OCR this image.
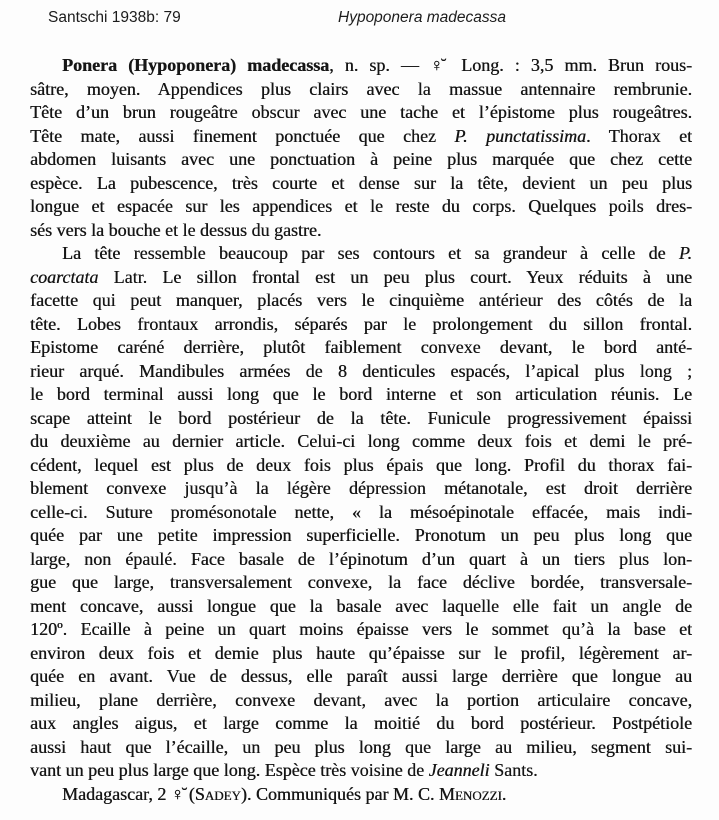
Santschi 1938b: 79	Hypoponera madecassa
Ponera (Hypoponera) madecassa, n. sp. — ♀̆ Long. : 3,5 mm. Brun rous-
sâtre, moyen. Appendices plus clairs avec la massue antennaire rembrunie.
Tête d’un brun rougeâtre obscur avec une tache et l’épistome plus rougeâtres.
Tête mate, aussi finement ponctuée que chez P. punctatissima. Thorax et
abdomen luisants avec une ponctuation à peine plus marquée que chez cette
espèce. La pubescence, très courte et dense sur la tête, devient un peu plus
longue et espacée sur les appendices et le reste du corps. Quelques poils dres-
sés vers la bouche et le dessus du gastre.
La tête ressemble beaucoup par ses contours et sa grandeur à celle de P.
coarctata Latr. Le sillon frontal est un peu plus court. Yeux réduits à une
facette qui peut manquer, placés vers le cinquième antérieur des côtés de la
tête. Lobes frontaux arrondis, séparés par le prolongement du sillon frontal.
Epistome caréné derrière, plutôt faiblement convexe devant, le bord anté-
rieur arqué. Mandibules armées de 8 denticules espacés, l’apical plus long ;
le bord terminal aussi long que le bord interne et son articulation réunis. Le
scape atteint le bord postérieur de la tête. Funicule progressivement épaissi
du deuxième au dernier article. Celui-ci long comme deux fois et demi le pré-
cédent, lequel est plus de deux fois plus épais que long. Profil du thorax fai-
blement convexe jusqu’à la légère dépression métanotale, est droit derrière
celle-ci. Suture promésonotale nette, « la mésoépinotale effacée, mais indi-
quée par une petite impression superficielle. Pronotum un peu plus long que
large, non épaulé. Face basale de l’épinotum d’un quart à un tiers plus lon-
gue que large, transversalement convexe, la face déclive bordée, transversale-
ment concave, aussi longue que la basale avec laquelle elle fait un angle de
120º. Ecaille à peine un quart moins épaisse vers le sommet qu’à la base et
environ deux fois et demie plus haute qu’épaisse sur le profil, légèrement ar-
quée en avant. Vue de dessus, elle paraît aussi large derrière que longue au
milieu, plane derrière, convexe devant, avec la portion articulaire concave,
aux angles aigus, et large comme la moitié du bord postérieur. Postpétiole
aussi haut que l’écaille, un peu plus long que large au milieu, segment sui-
vant un peu plus large que long. Espèce très voisine de Jeanneli Sants.
Madagascar, 2 ♀̆ (Sadey). Communiqués par M. C. Menozzi.
